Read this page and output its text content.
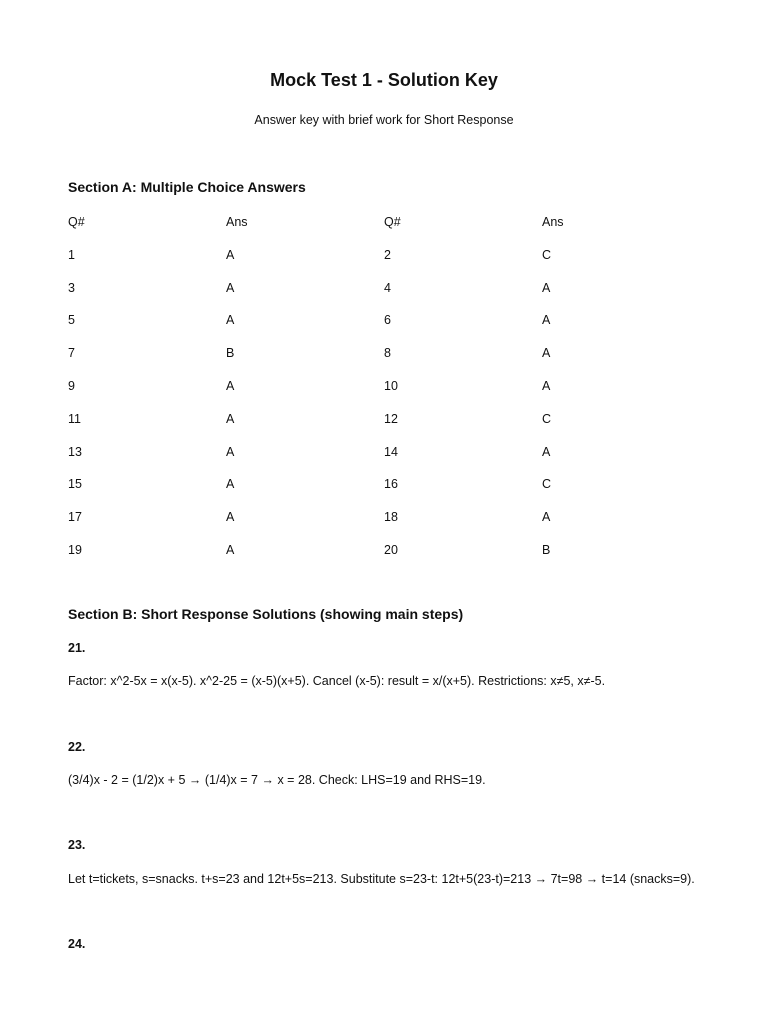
Mock Test 1 - Solution Key

Answer key with brief work for Short Response

Section A: Multiple Choice Answers
Q#	Ans	Q#	Ans
1	A	2	C
3	A	4	A
5	A	6	A
7	B	8	A
9	A	10	A
11	A	12	C
13	A	14	A
15	A	16	C
17	A	18	A
19	A	20	B
Section B: Short Response Solutions (showing main steps)

21.

Factor: x^2-5x = x(x-5). x^2-25 = (x-5)(x+5). Cancel (x-5): result = x/(x+5). Restrictions: x≠5, x≠-5.

22.

(3/4)x - 2 = (1/2)x + 5 → (1/4)x = 7 → x = 28. Check: LHS=19 and RHS=19.

23.

Let t=tickets, s=snacks. t+s=23 and 12t+5s=213. Substitute s=23-t: 12t+5(23-t)=213 → 7t=98 → t=14 (snacks=9).

24.
